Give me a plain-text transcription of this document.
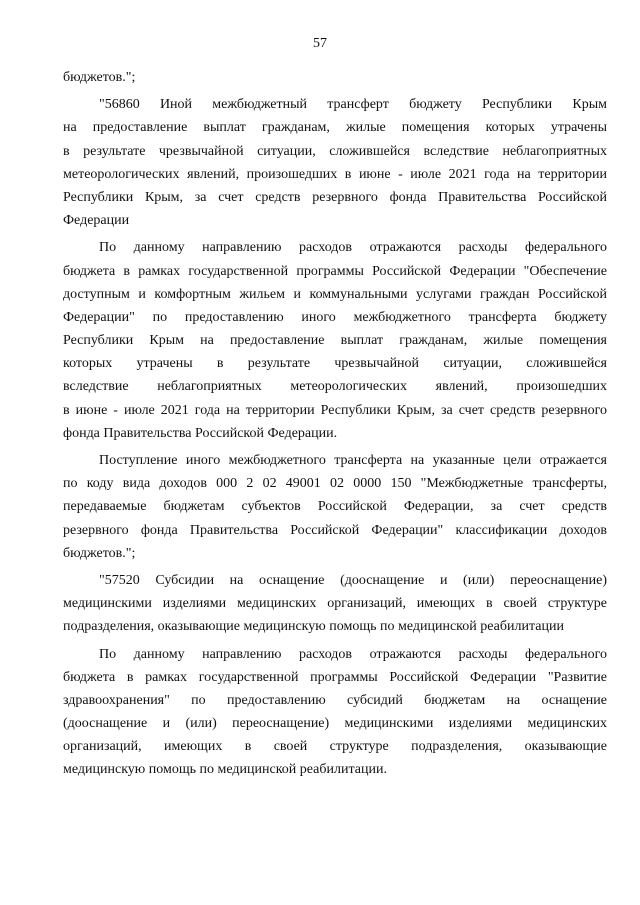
57
бюджетов.";
"56860 Иной межбюджетный трансферт бюджету Республики Крым
на предоставление выплат гражданам, жилые помещения которых утрачены
в результате чрезвычайной ситуации, сложившейся вследствие неблагоприятных
метеорологических явлений, произошедших в июне - июле 2021 года на территории
Республики Крым, за счет средств резервного фонда Правительства Российской
Федерации
По данному направлению расходов отражаются расходы федерального
бюджета в рамках государственной программы Российской Федерации "Обеспечение
доступным и комфортным жильем и коммунальными услугами граждан Российской
Федерации" по предоставлению иного межбюджетного трансферта бюджету
Республики Крым на предоставление выплат гражданам, жилые помещения
которых утрачены в результате чрезвычайной ситуации, сложившейся
вследствие неблагоприятных метеорологических явлений, произошедших
в июне - июле 2021 года на территории Республики Крым, за счет средств резервного
фонда Правительства Российской Федерации.
Поступление иного межбюджетного трансферта на указанные цели отражается
по коду вида доходов 000 2 02 49001 02 0000 150 "Межбюджетные трансферты,
передаваемые бюджетам субъектов Российской Федерации, за счет средств
резервного фонда Правительства Российской Федерации" классификации доходов
бюджетов.";
"57520 Субсидии на оснащение (дооснащение и (или) переоснащение)
медицинскими изделиями медицинских организаций, имеющих в своей структуре
подразделения, оказывающие медицинскую помощь по медицинской реабилитации
По данному направлению расходов отражаются расходы федерального
бюджета в рамках государственной программы Российской Федерации "Развитие
здравоохранения" по предоставлению субсидий бюджетам на оснащение
(дооснащение и (или) переоснащение) медицинскими изделиями медицинских
организаций, имеющих в своей структуре подразделения, оказывающие
медицинскую помощь по медицинской реабилитации.
